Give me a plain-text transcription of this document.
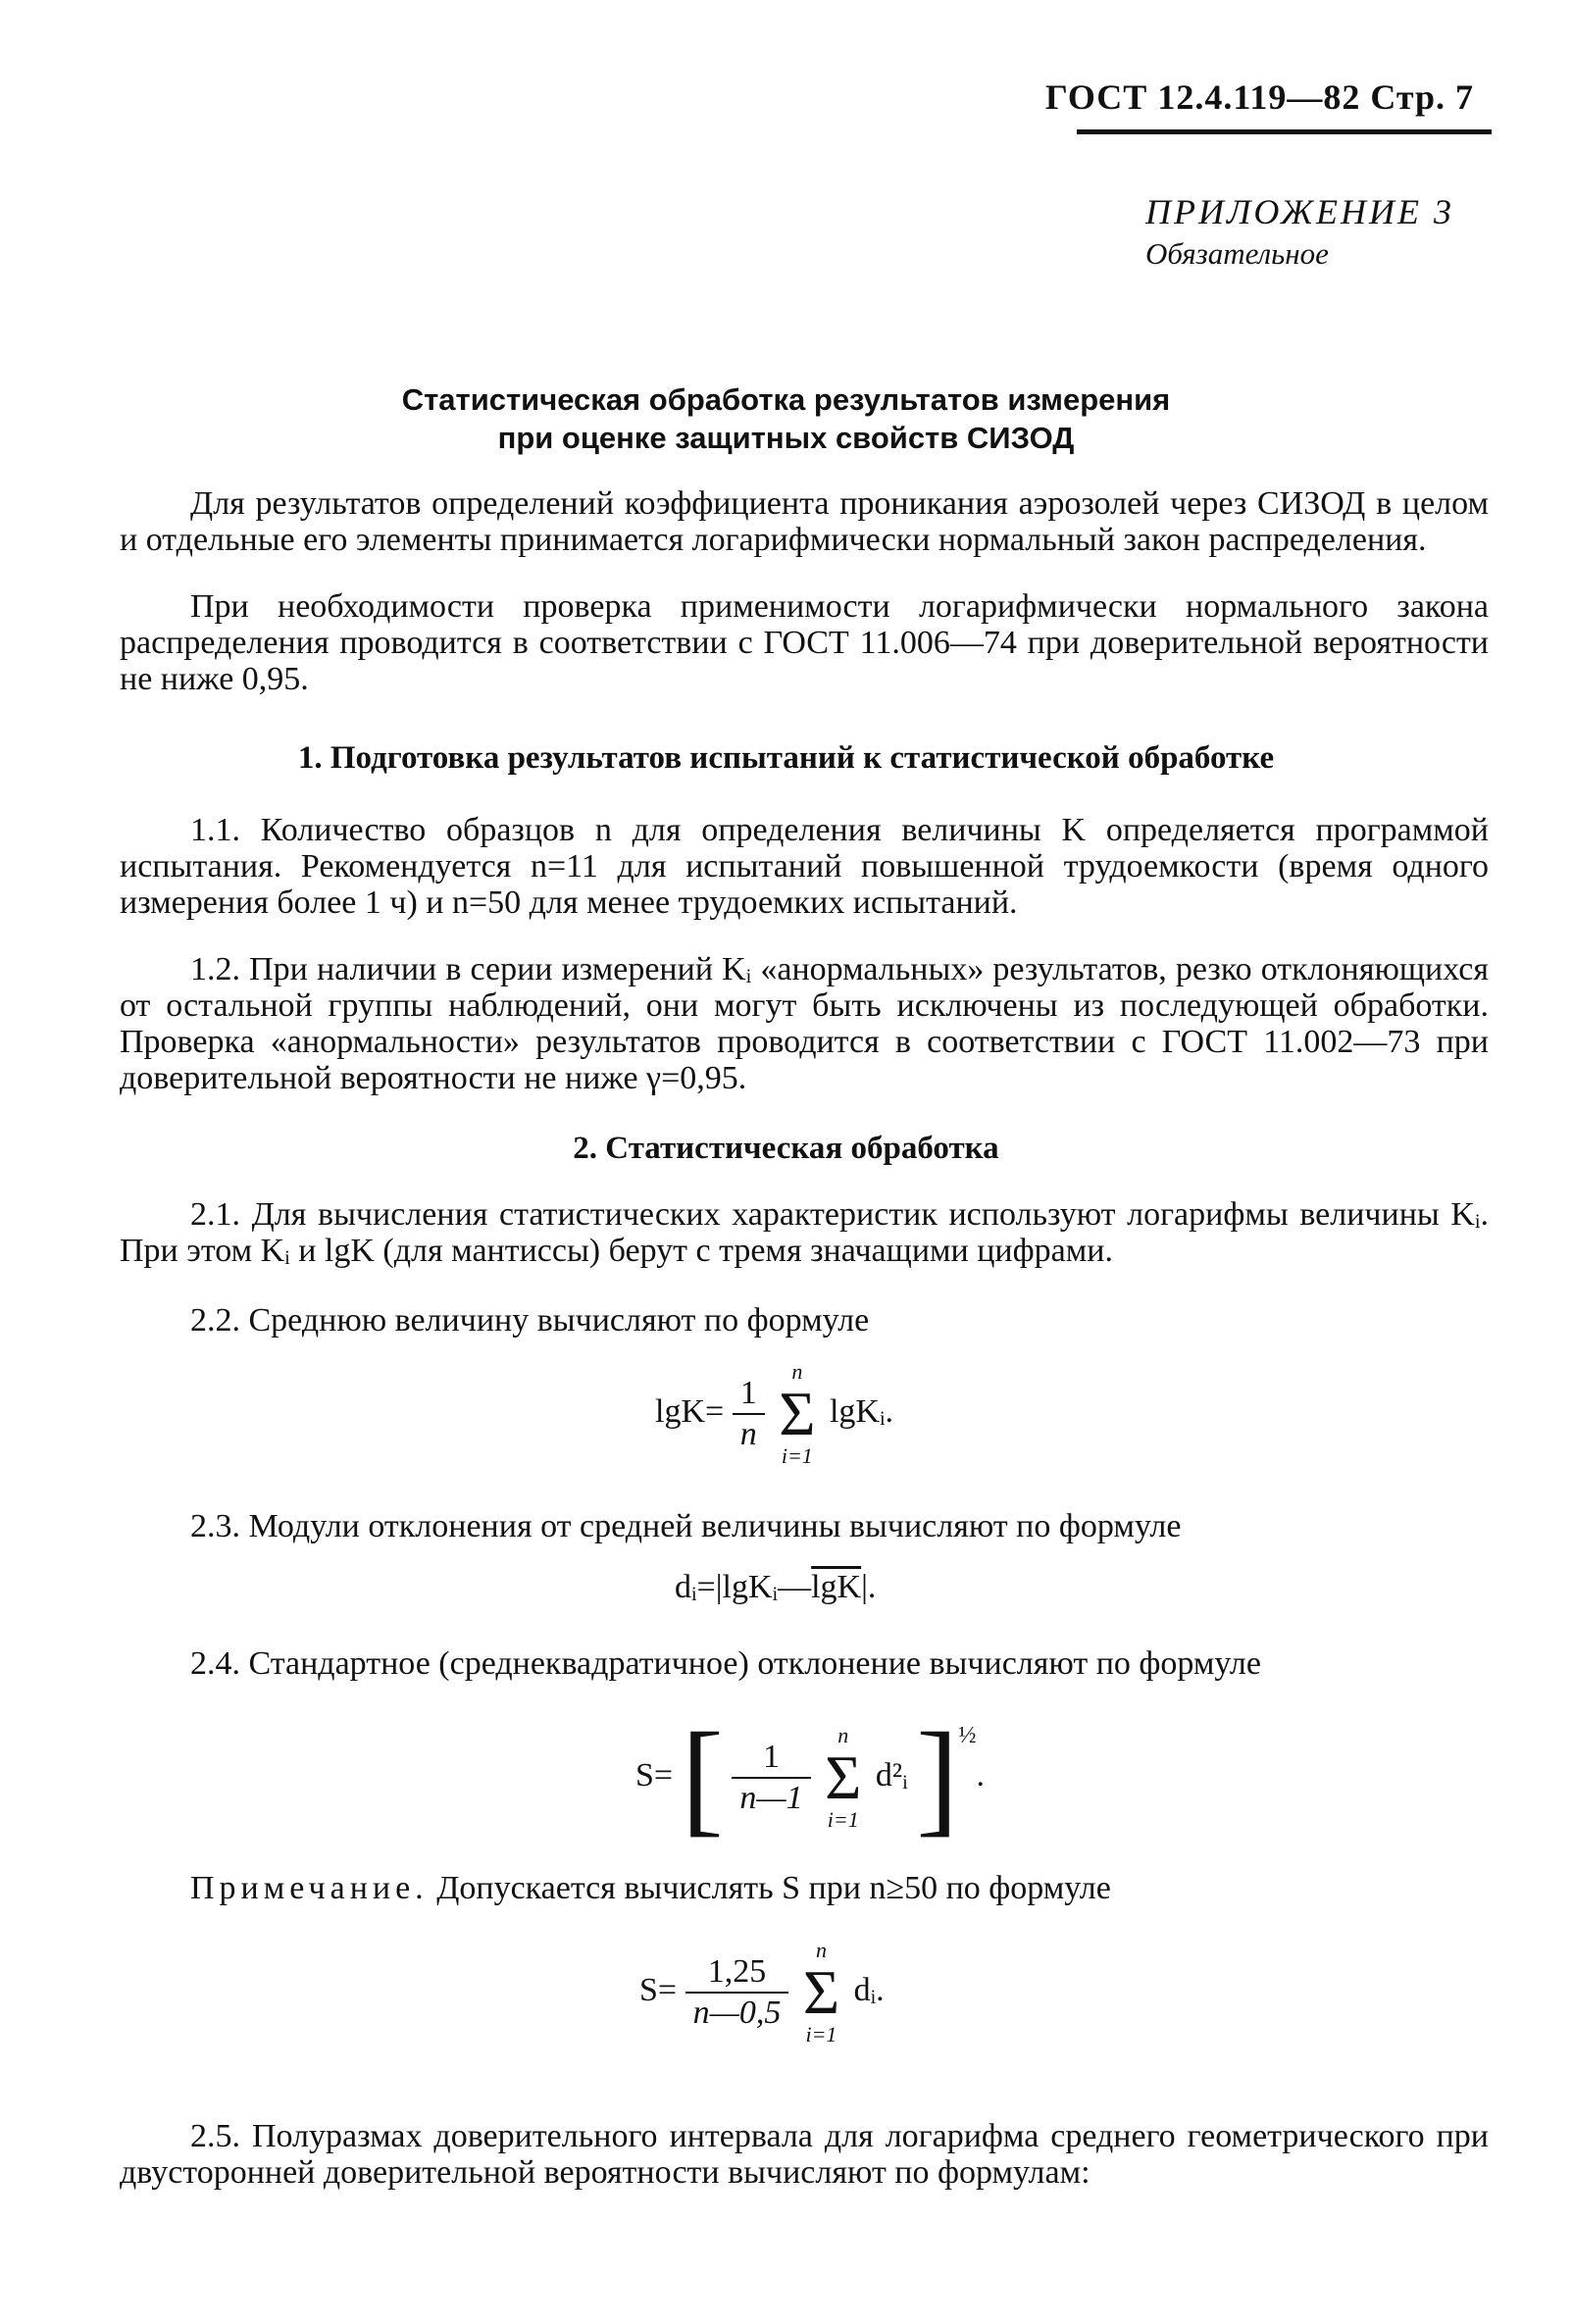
ГОСТ 12.4.119—82 Стр. 7
ПРИЛОЖЕНИЕ 3
Обязательное
Статистическая обработка результатов измерения
при оценке защитных свойств СИЗОД
Для результатов определений коэффициента проникания аэрозолей через СИЗОД в целом и отдельные его элементы принимается логарифмически нормальный закон распределения.
При необходимости проверка применимости логарифмически нормального закона распределения проводится в соответствии с ГОСТ 11.006—74 при доверительной вероятности не ниже 0,95.
1. Подготовка результатов испытаний к статистической обработке
1.1. Количество образцов n для определения величины K определяется программой испытания. Рекомендуется n=11 для испытаний повышенной трудоемкости (время одного измерения более 1 ч) и n=50 для менее трудоемких испытаний.
1.2. При наличии в серии измерений Kᵢ «анормальных» результатов, резко отклоняющихся от остальной группы наблюдений, они могут быть исключены из последующей обработки. Проверка «анормальности» результатов проводится в соответствии с ГОСТ 11.002—73 при доверительной вероятности не ниже γ=0,95.
2. Статистическая обработка
2.1. Для вычисления статистических характеристик используют логарифмы величины Kᵢ. При этом Kᵢ и lgK (для мантиссы) берут с тремя значащими цифрами.
2.2. Среднюю величину вычисляют по формуле
$\lg K= \frac{1}{n}$

n
Σ
i=1
lgKᵢ.
2.3. Модули отклонения от средней величины вычисляют по формуле
$dᵢ=|\lg Kᵢ—\overline{lgK}|$.
2.4. Стандартное (среднеквадратичное) отклонение вычисляют по формуле
S= [ $\frac{1}{n—1}$

n
Σ
i=1
d²ᵢ ]$^{\frac{1}{2}}$.
Примечание. Допускается вычислять S при n≥50 по формуле
$S= \frac{1,25}{n—0,5}$

n
Σ
i=1
dᵢ.
2.5. Полуразмах доверительного интервала для логарифма среднего геометрического при двусторонней доверительной вероятности вычисляют по формулам:
